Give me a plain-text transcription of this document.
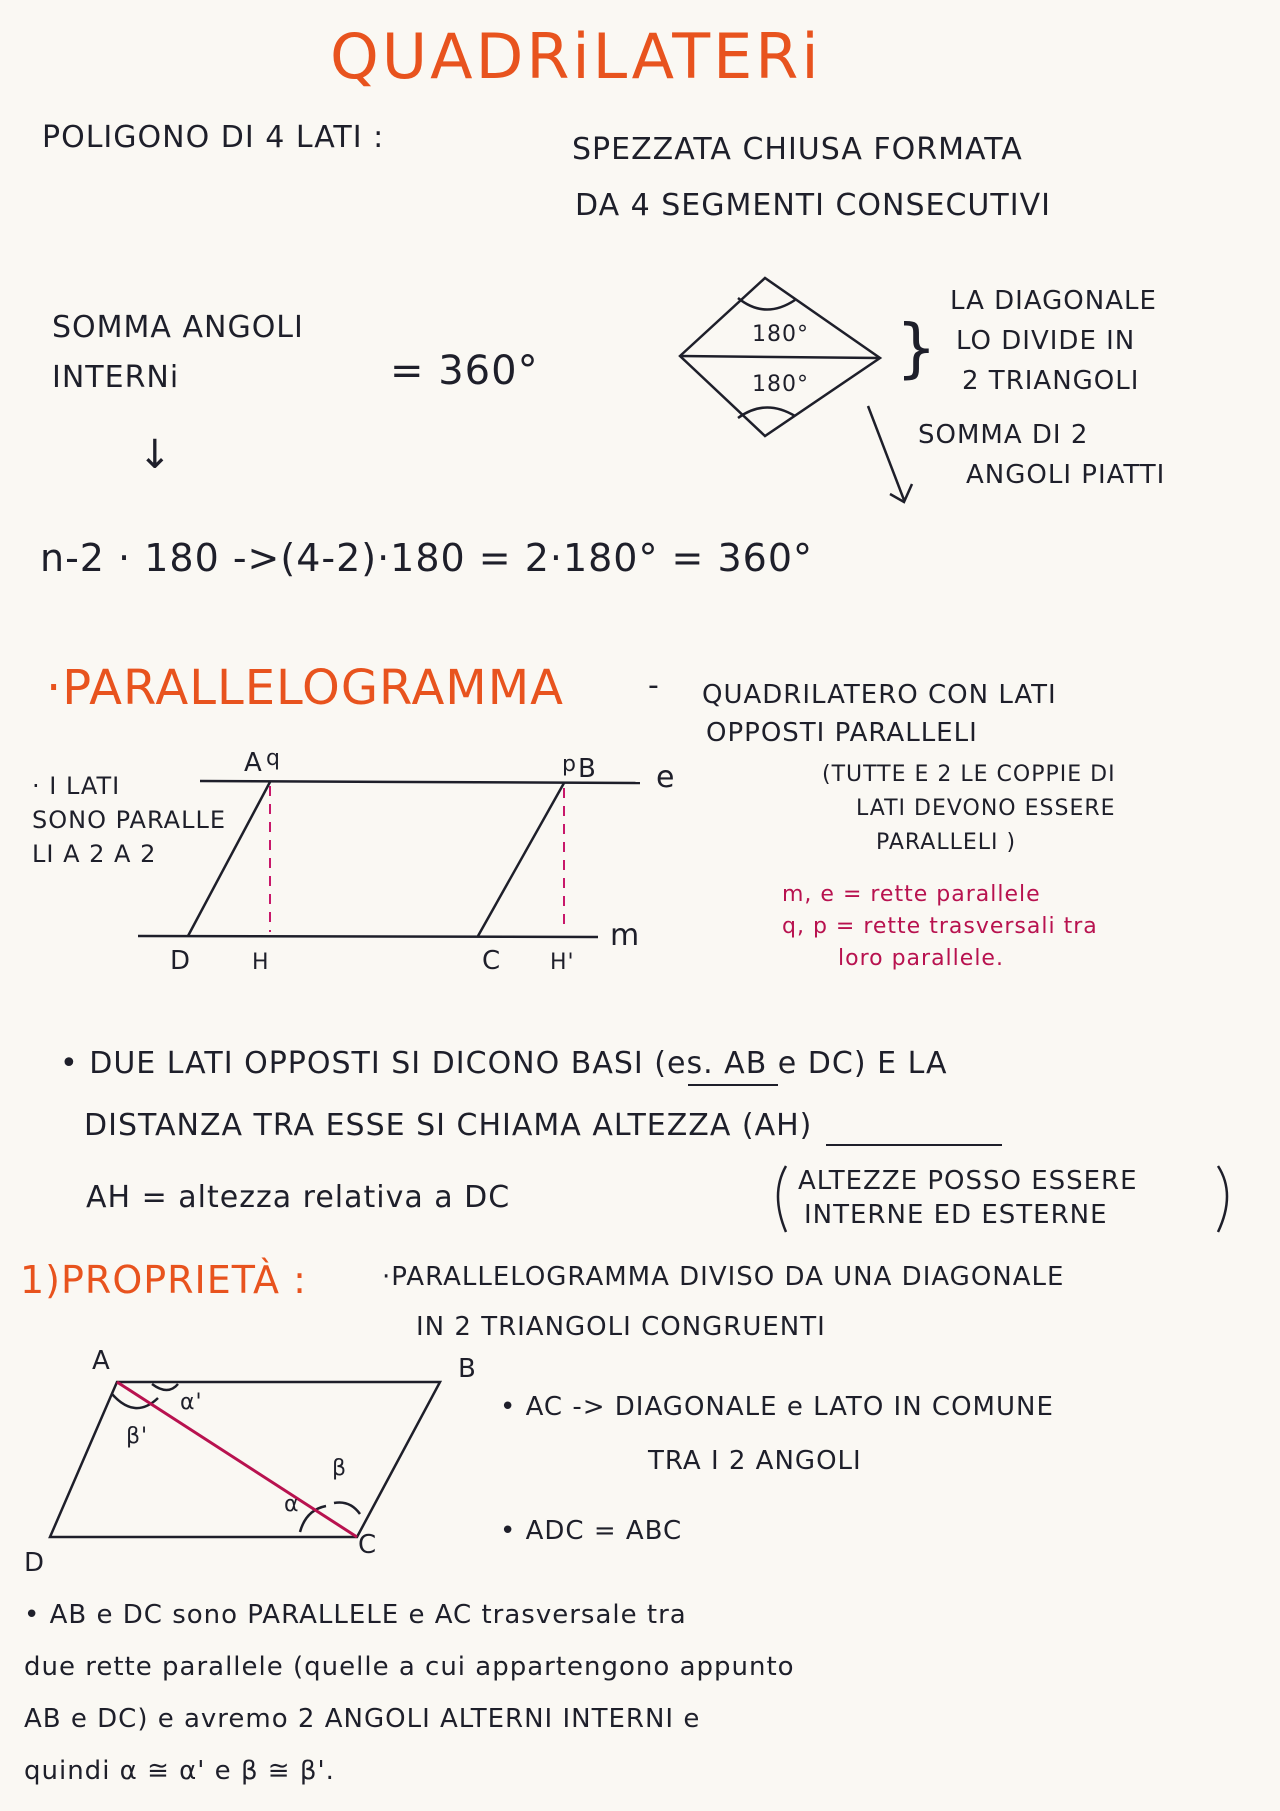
QUADRiLATERi
POLIGONO DI 4 LATI :	SPEZZATA CHIUSA FORMATA
DA 4 SEGMENTI CONSECUTIVI
SOMMA ANGOLI
INTERNi	= 360°
↓
180°
180° }
LA DIAGONALE
LO DIVIDE IN
2 TRIANGOLI
SOMMA DI 2
ANGOLI PIATTI
n-2 · 180 ->(4-2)·180 = 2·180° = 360°
·PARALLELOGRAMMA	- QUADRILATERO CON LATI
OPPOSTI PARALLELI
(TUTTE E 2 LE COPPIE DI
LATI DEVONO ESSERE
PARALLELI )
· I LATI
SONO PARALLE
LI A 2 A 2
A q	p B e
D	H	C H'
m
m, e = rette parallele
q, p = rette trasversali tra
loro parallele.
• DUE LATI OPPOSTI SI DICONO BASI (es. AB e DC) E LA
DISTANZA TRA ESSE SI CHIAMA ALTEZZA (AH)
AH = altezza relativa a DC	ALTEZZE POSSO ESSERE
INTERNE ED ESTERNE
1)PROPRIETÀ :	·PARALLELOGRAMMA DIVISO DA UNA DIAGONALE
IN 2 TRIANGOLI CONGRUENTI
A	B
C
D
α'
β'
α
β
• AC -> DIAGONALE e LATO IN COMUNE
TRA I 2 ANGOLI
• ADC = ABC
• AB e DC sono PARALLELE e AC trasversale tra
due rette parallele (quelle a cui appartengono appunto
AB e DC) e avremo 2 ANGOLI ALTERNI INTERNI e
quindi α ≅ α' e β ≅ β'.
